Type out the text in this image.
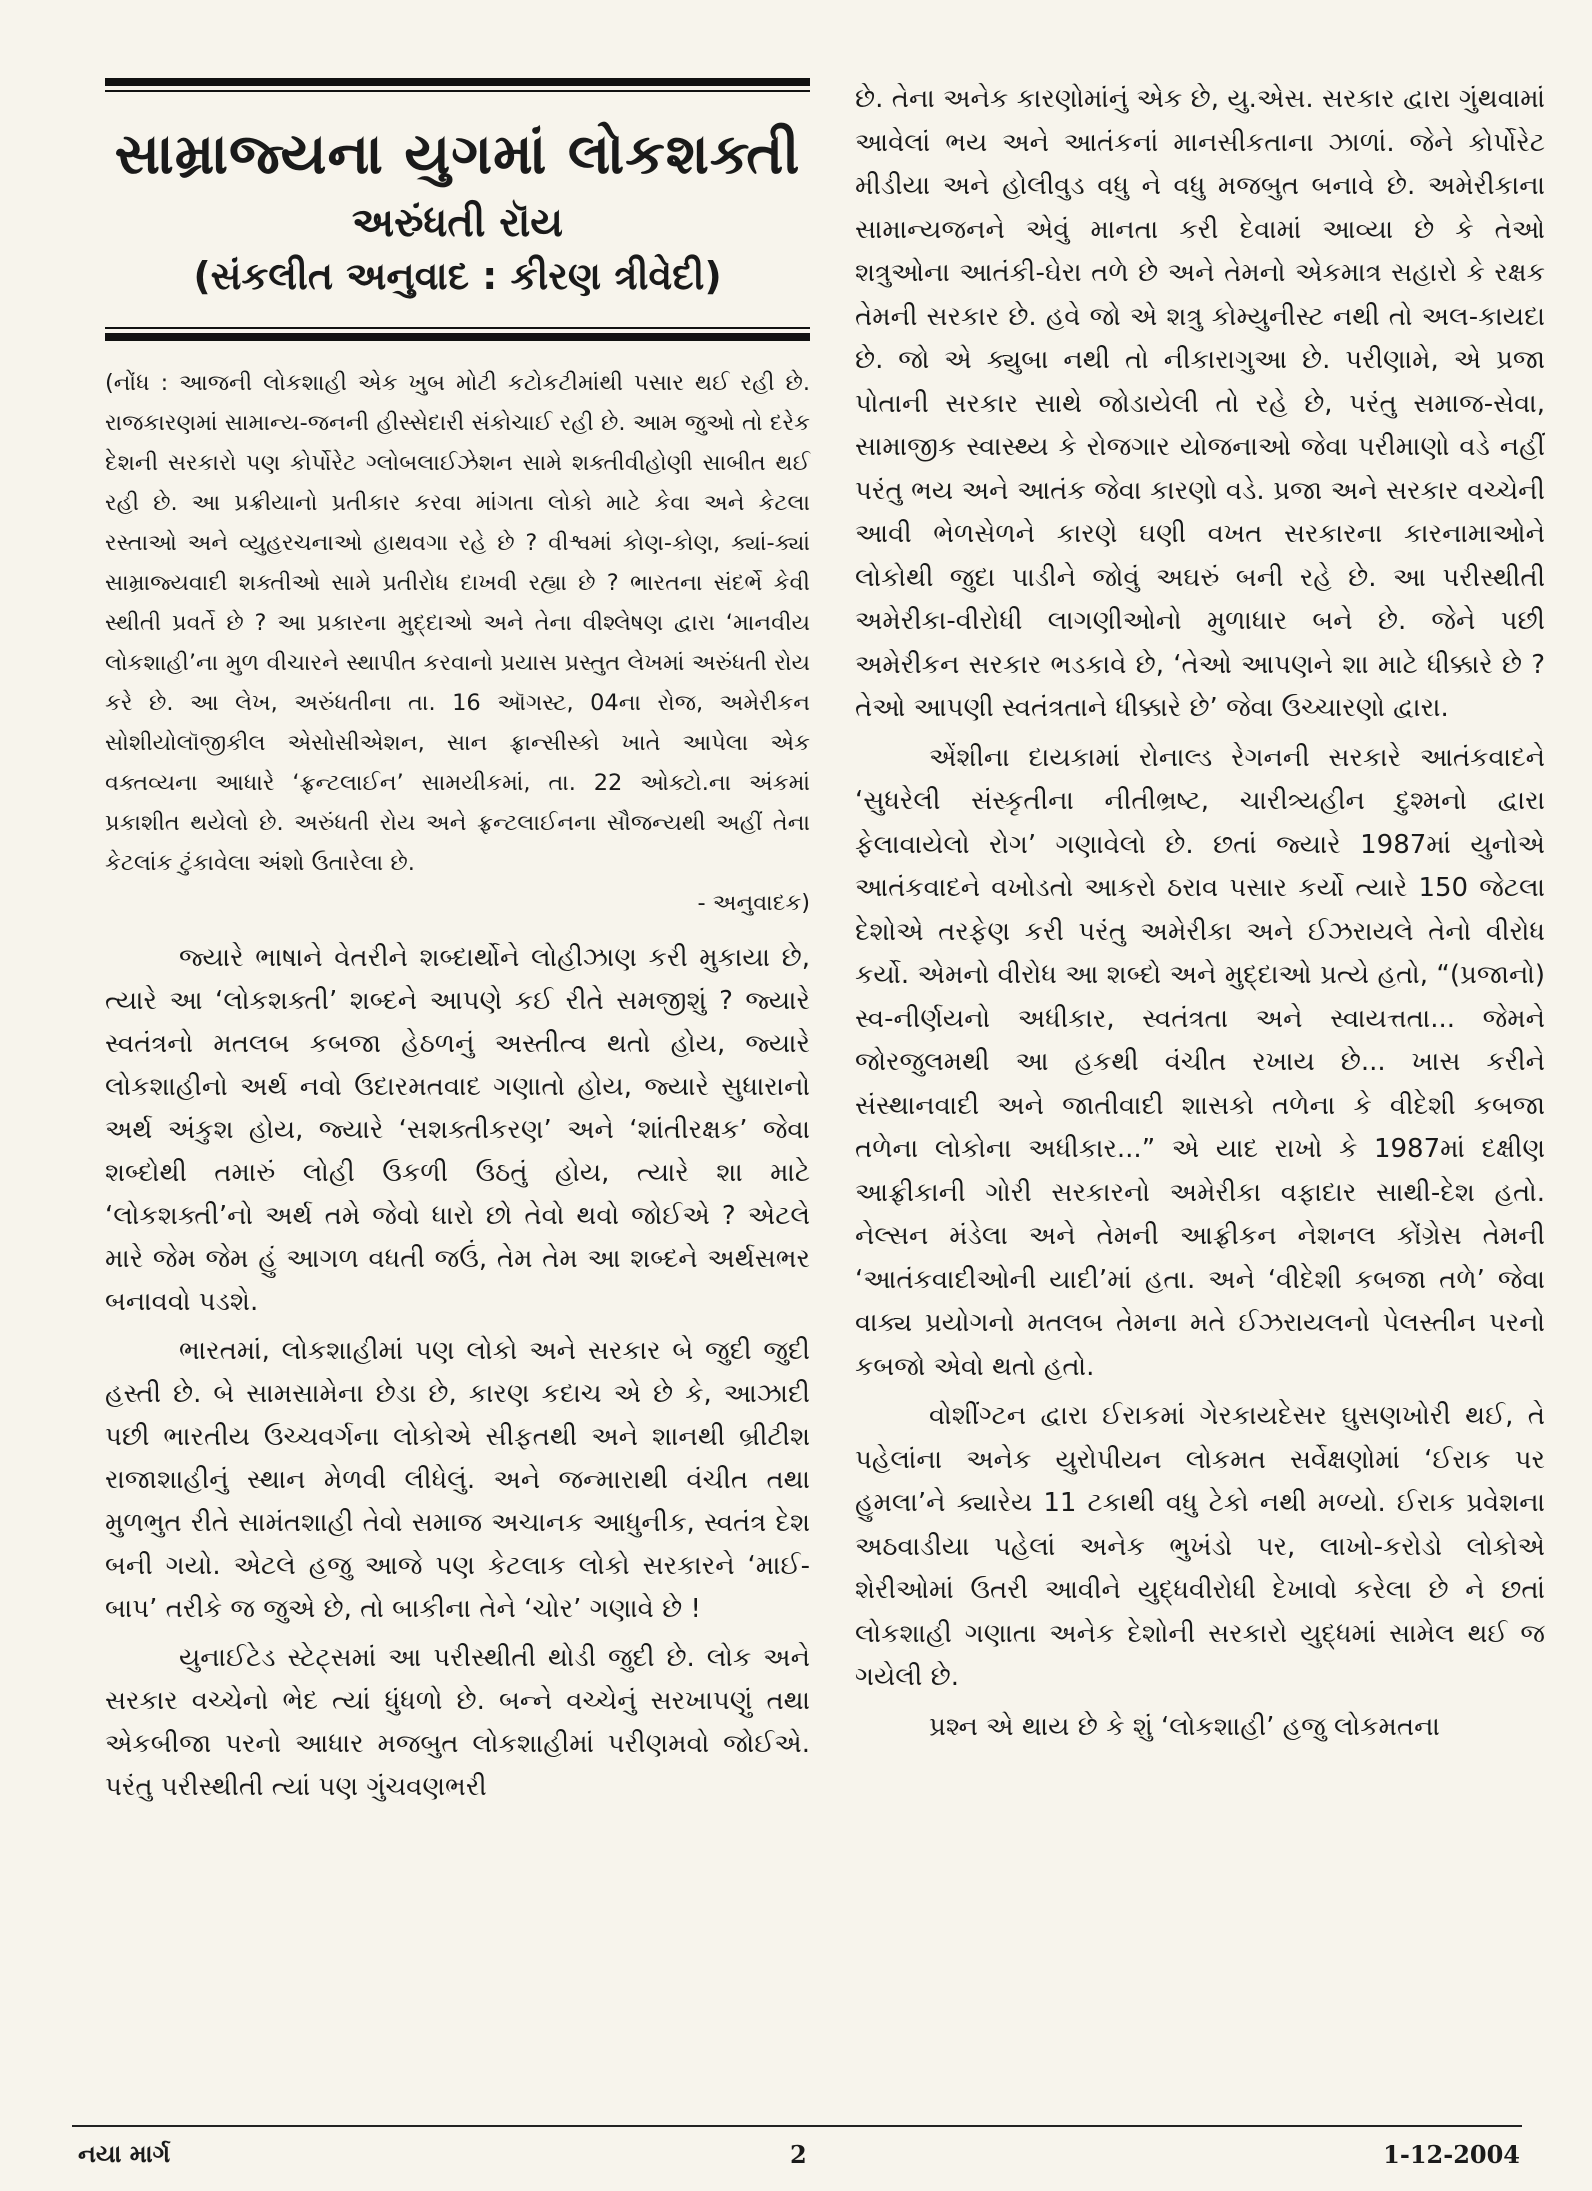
સામ્રાજ્યના યુગમાં લોકશક્તી
અરુંધતી રૉય
(સંકલીત અનુવાદ : કીરણ ત્રીવેદી)

(નોંધ : આજની લોકશાહી એક ખુબ મોટી કટોકટીમાંથી પસાર થઈ રહી છે. રાજકારણમાં સામાન્ય-જનની હીસ્સેદારી સંકોચાઈ રહી છે. આમ જુઓ તો દરેક દેશની સરકારો પણ કોર્પોરેટ ગ્લોબલાઈઝેશન સામે શક્તીવીહોણી સાબીત થઈ રહી છે. આ પ્રક્રીયાનો પ્રતીકાર કરવા માંગતા લોકો માટે કેવા અને કેટલા રસ્તાઓ અને વ્યુહરચનાઓ હાથવગા રહે છે ? વીશ્વમાં કોણ-કોણ, ક્યાં-ક્યાં સામ્રાજ્યવાદી શક્તીઓ સામે પ્રતીરોધ દાખવી રહ્યા છે ? ભારતના સંદર્ભે કેવી સ્થીતી પ્રવર્તે છે ? આ પ્રકારના મુદ્દાઓ અને તેના વીશ્લેષણ દ્વારા ‘માનવીય લોકશાહી’ના મુળ વીચારને સ્થાપીત કરવાનો પ્રયાસ પ્રસ્તુત લેખમાં અરુંધતી રોય કરે છે. આ લેખ, અરુંધતીના તા. 16 ઑગસ્ટ, 04ના રોજ, અમેરીકન સોશીયોલૉજીકીલ એસોસીએશન, સાન ફ્રાન્સીસ્કો ખાતે આપેલા એક વક્તવ્યના આધારે ‘ફ્રન્ટલાઈન’ સામયીકમાં, તા. 22 ઓક્ટો.ના અંકમાં પ્રકાશીત થયેલો છે. અરુંધતી રોય અને ફ્રન્ટલાઈનના સૌજન્યથી અહીં તેના કેટલાંક ટુંકાવેલા અંશો ઉતારેલા છે.

- અનુવાદક)

જ્યારે ભાષાને વેતરીને શબ્દાર્થોને લોહીઝાણ કરી મુકાયા છે, ત્યારે આ ‘લોકશક્તી’ શબ્દને આપણે કઈ રીતે સમજીશું ? જ્યારે સ્વતંત્રનો મતલબ કબજા હેઠળનું અસ્તીત્વ થતો હોય, જ્યારે લોકશાહીનો અર્થ નવો ઉદારમતવાદ ગણાતો હોય, જ્યારે સુધારાનો અર્થ અંકુશ હોય, જ્યારે ‘સશક્તીકરણ’ અને ‘શાંતીરક્ષક’ જેવા શબ્દોથી તમારું લોહી ઉકળી ઉઠતું હોય, ત્યારે શા માટે ‘લોકશક્તી’નો અર્થ તમે જેવો ધારો છો તેવો થવો જોઈએ ? એટલે મારે જેમ જેમ હું આગળ વધતી જઉં, તેમ તેમ આ શબ્દને અર્થસભર બનાવવો પડશે.

ભારતમાં, લોકશાહીમાં પણ લોકો અને સરકાર બે જુદી જુદી હસ્તી છે. બે સામસામેના છેડા છે, કારણ કદાચ એ છે કે, આઝાદી પછી ભારતીય ઉચ્ચવર્ગના લોકોએ સીફતથી અને શાનથી બ્રીટીશ રાજાશાહીનું સ્થાન મેળવી લીધેલું. અને જન્મારાથી વંચીત તથા મુળભુત રીતે સામંતશાહી તેવો સમાજ અચાનક આધુનીક, સ્વતંત્ર દેશ બની ગયો. એટલે હજુ આજે પણ કેટલાક લોકો સરકારને ‘માઈ-બાપ’ તરીકે જ જુએ છે, તો બાકીના તેને ‘ચોર’ ગણાવે છે !

યુનાઈટેડ સ્ટેટ્સમાં આ પરીસ્થીતી થોડી જુદી છે. લોક અને સરકાર વચ્ચેનો ભેદ ત્યાં ધુંધળો છે. બન્ને વચ્ચેનું સરખાપણું તથા એકબીજા પરનો આધાર મજબુત લોકશાહીમાં પરીણમવો જોઈએ. પરંતુ પરીસ્થીતી ત્યાં પણ ગુંચવણભરી

છે. તેના અનેક કારણોમાંનું એક છે, યુ.એસ. સરકાર દ્વારા ગુંથવામાં આવેલાં ભય અને આતંકનાં માનસીકતાના ઝાળાં. જેને કોર્પોરેટ મીડીયા અને હોલીવુડ વધુ ને વધુ મજબુત બનાવે છે. અમેરીકાના સામાન્યજનને એવું માનતા કરી દેવામાં આવ્યા છે કે તેઓ શત્રુઓના આતંકી-ઘેરા તળે છે અને તેમનો એકમાત્ર સહારો કે રક્ષક તેમની સરકાર છે. હવે જો એ શત્રુ કોમ્યુનીસ્ટ નથી તો અલ-કાયદા છે. જો એ ક્યુબા નથી તો નીકારાગુઆ છે. પરીણામે, એ પ્રજા પોતાની સરકાર સાથે જોડાયેલી તો રહે છે, પરંતુ સમાજ-સેવા, સામાજીક સ્વાસ્થ્ય કે રોજગાર યોજનાઓ જેવા પરીમાણો વડે નહીં પરંતુ ભય અને આતંક જેવા કારણો વડે. પ્રજા અને સરકાર વચ્ચેની આવી ભેળસેળને કારણે ઘણી વખત સરકારના કારનામાઓને લોકોથી જુદા પાડીને જોવું અઘરું બની રહે છે. આ પરીસ્થીતી અમેરીકા-વીરોધી લાગણીઓનો મુળાધાર બને છે. જેને પછી અમેરીકન સરકાર ભડકાવે છે, ‘તેઓ આપણને શા માટે ધીક્કારે છે ? તેઓ આપણી સ્વતંત્રતાને ધીક્કારે છે’ જેવા ઉચ્ચારણો દ્વારા.

એંશીના દાયકામાં રોનાલ્ડ રેગનની સરકારે આતંકવાદને ‘સુધરેલી સંસ્કૃતીના નીતીભ્રષ્ટ, ચારીત્ર્યહીન દુશ્મનો દ્વારા ફેલાવાયેલો રોગ’ ગણાવેલો છે. છતાં જ્યારે 1987માં યુનોએ આતંકવાદને વખોડતો આકરો ઠરાવ પસાર કર્યો ત્યારે 150 જેટલા દેશોએ તરફેણ કરી પરંતુ અમેરીકા અને ઈઝરાયલે તેનો વીરોધ કર્યો. એમનો વીરોધ આ શબ્દો અને મુદ્દાઓ પ્રત્યે હતો, “(પ્રજાનો) સ્વ-નીર્ણયનો અધીકાર, સ્વતંત્રતા અને સ્વાયત્તતા... જેમને જોરજુલમથી આ હકથી વંચીત રખાય છે... ખાસ કરીને સંસ્થાનવાદી અને જાતીવાદી શાસકો તળેના કે વીદેશી કબજા તળેના લોકોના અધીકાર...” એ યાદ રાખો કે 1987માં દક્ષીણ આફ્રીકાની ગોરી સરકારનો અમેરીકા વફાદાર સાથી-દેશ હતો. નેલ્સન મંડેલા અને તેમની આફ્રીકન નેશનલ કોંગ્રેસ તેમની ‘આતંકવાદીઓની યાદી’માં હતા. અને ‘વીદેશી કબજા તળે’ જેવા વાક્ય પ્રયોગનો મતલબ તેમના મતે ઈઝરાયલનો પેલસ્તીન પરનો કબજો એવો થતો હતો.

વોશીંગ્ટન દ્વારા ઈરાકમાં ગેરકાયદેસર ઘુસણખોરી થઈ, તે પહેલાંના અનેક યુરોપીયન લોકમત સર્વેક્ષણોમાં ‘ઈરાક પર હુમલા’ને ક્યારેય 11 ટકાથી વધુ ટેકો નથી મળ્યો. ઈરાક પ્રવેશના અઠવાડીયા પહેલાં અનેક ભુખંડો પર, લાખો-કરોડો લોકોએ શેરીઓમાં ઉતરી આવીને યુદ્ધવીરોધી દેખાવો કરેલા છે ને છતાં લોકશાહી ગણાતા અનેક દેશોની સરકારો યુદ્ધમાં સામેલ થઈ જ ગયેલી છે.

પ્રશ્ન એ થાય છે કે શું ‘લોકશાહી’ હજુ લોકમતના

નયા માર્ગ	2	1-12-2004
